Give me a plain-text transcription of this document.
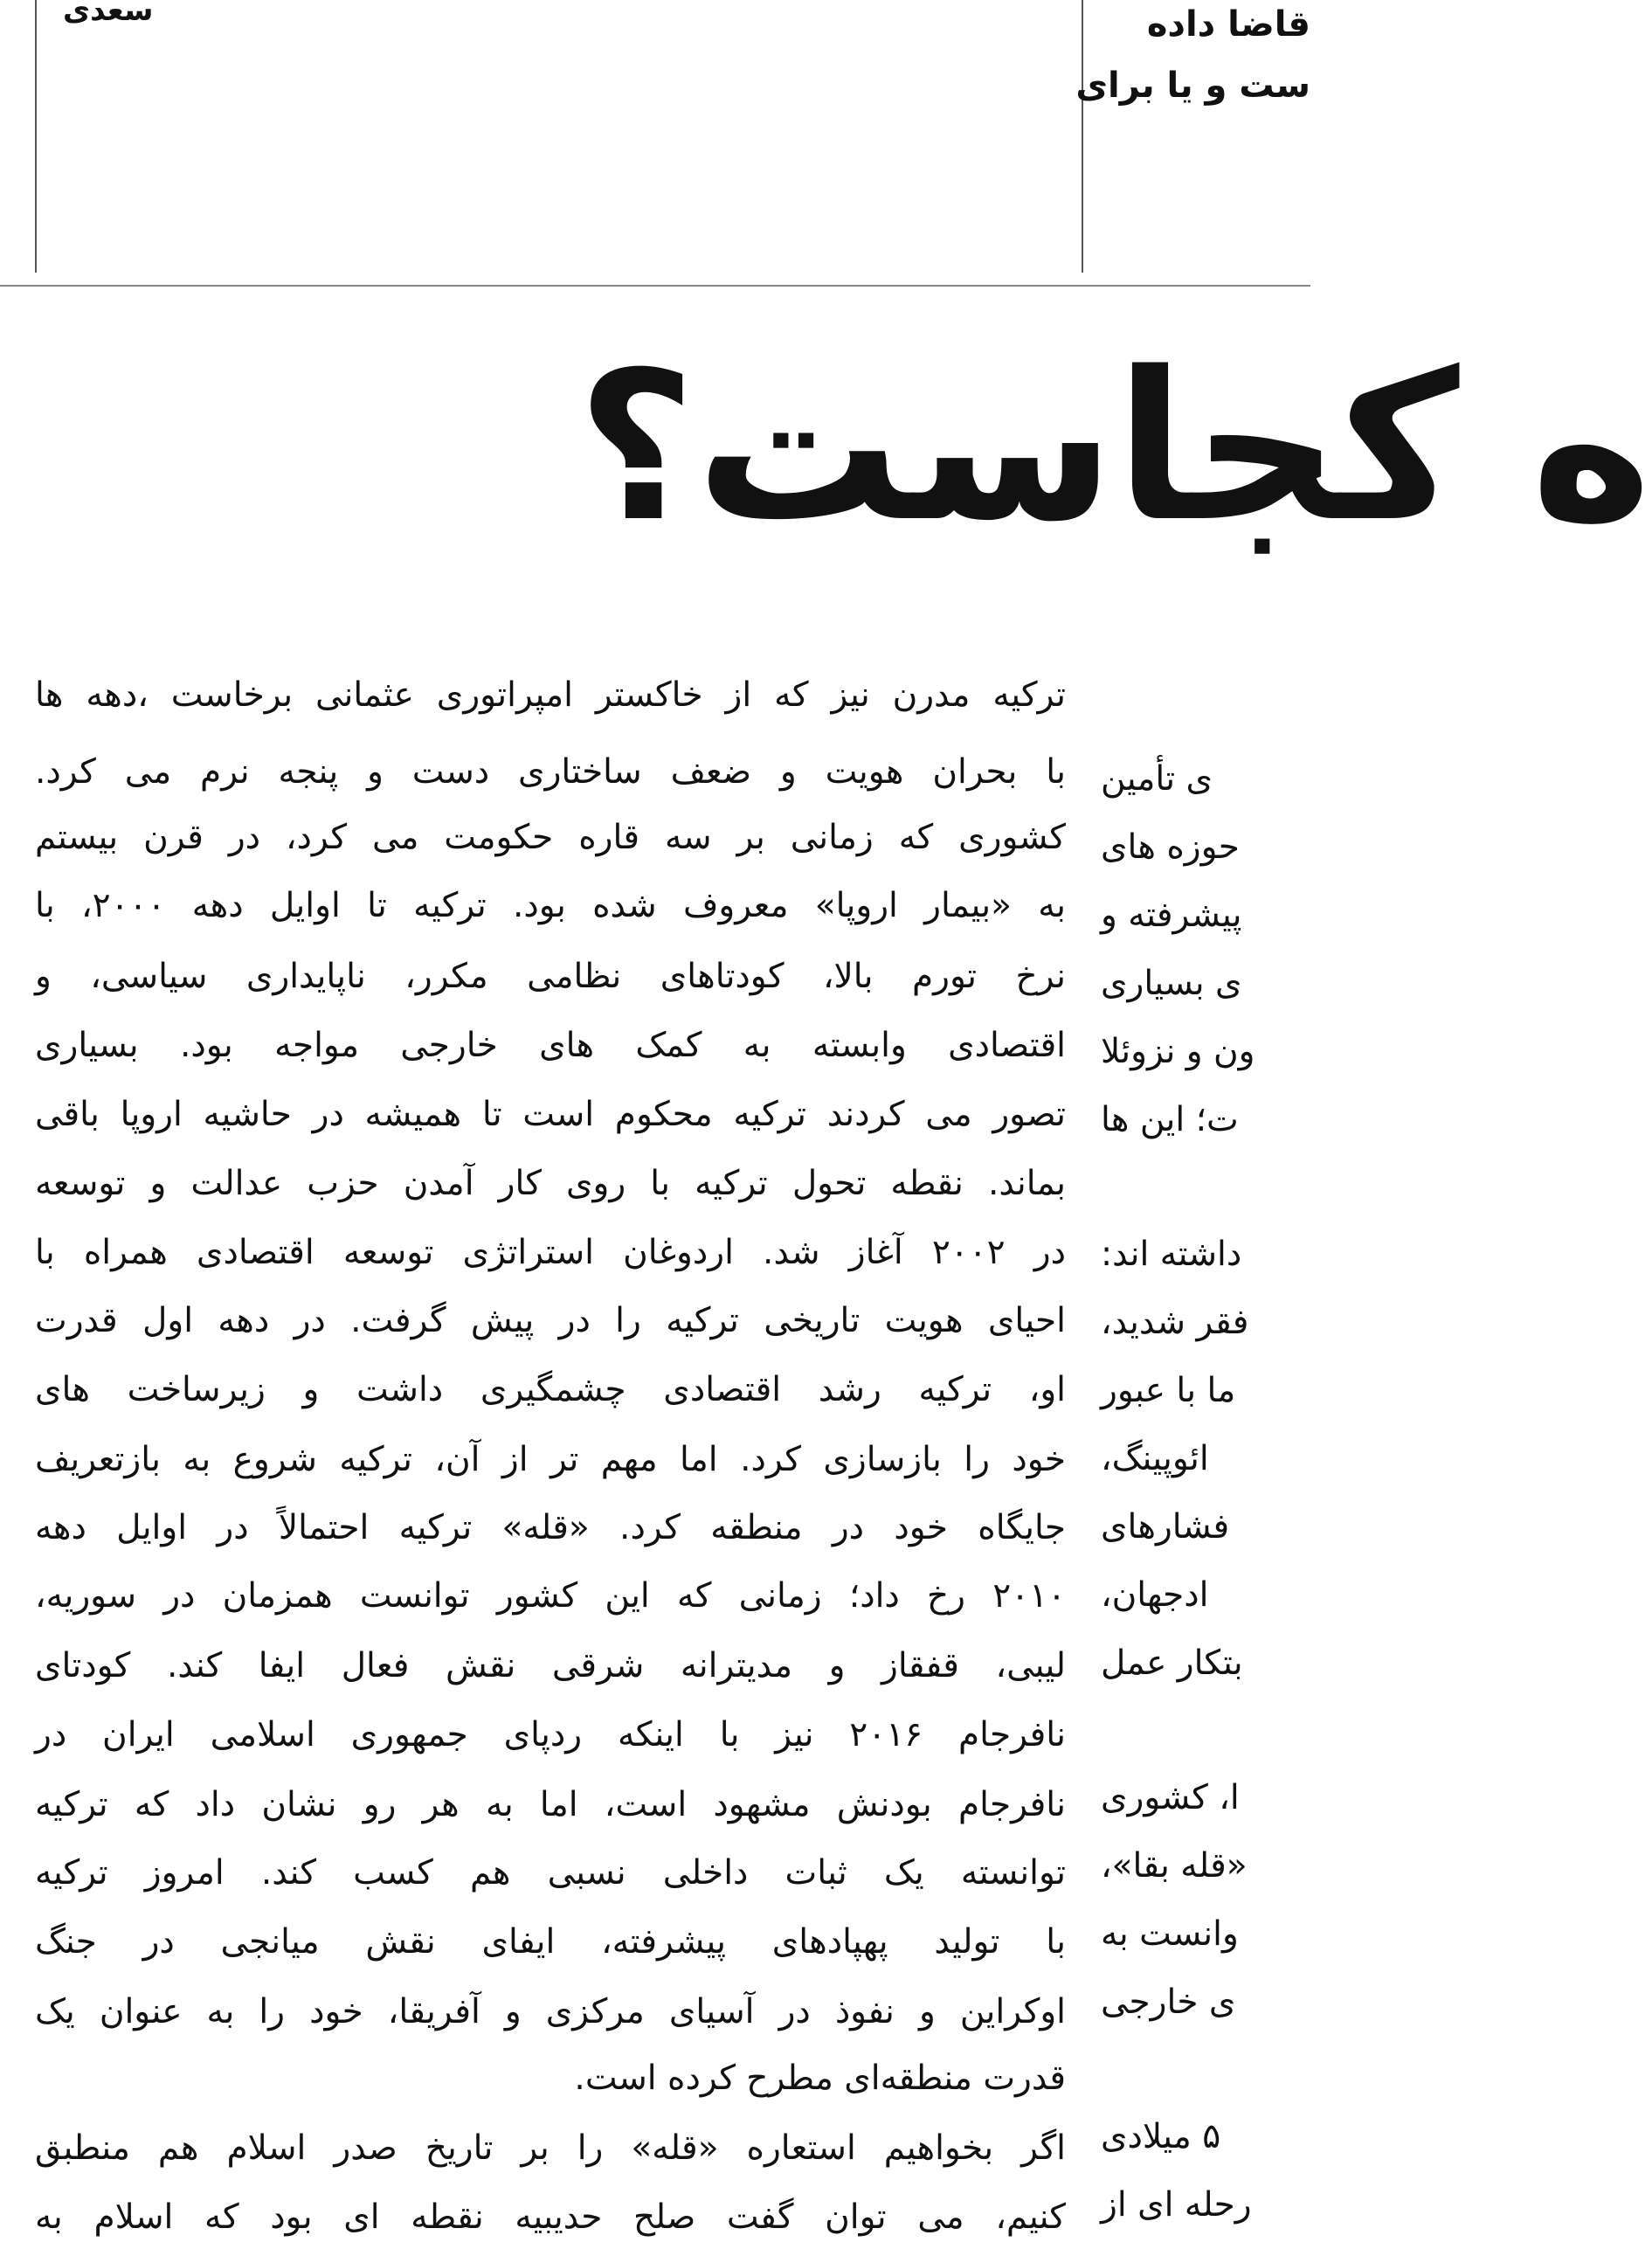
سعدی	قاضا داده
ست و یا برای
ه کجاست؟
ترکیه مدرن نیز که از خاکستر امپراتوری عثمانی برخاست ،دهه ها
با بحران هویت و ضعف ساختاری دست و پنجه نرم می کرد.
کشوری که زمانی بر سه قاره حکومت می کرد، در قرن بیستم
به «بیمار اروپا» معروف شده بود. ترکیه تا اوایل دهه ۲۰۰۰، با
نرخ تورم بالا، کودتاهای نظامی مکرر، ناپایداری سیاسی، و
اقتصادی وابسته به کمک های خارجی مواجه بود. بسیاری
تصور می کردند ترکیه محکوم است تا همیشه در حاشیه اروپا باقی
بماند. نقطه تحول ترکیه با روی کار آمدن حزب عدالت و توسعه
در ۲۰۰۲ آغاز شد. اردوغان استراتژی توسعه اقتصادی همراه با
احیای هویت تاریخی ترکیه را در پیش گرفت. در دهه اول قدرت
او، ترکیه رشد اقتصادی چشمگیری داشت و زیرساخت های
خود را بازسازی کرد. اما مهم تر از آن، ترکیه شروع به بازتعریف
جایگاه خود در منطقه کرد. «قله» ترکیه احتمالاً در اوایل دهه
۲۰۱۰ رخ داد؛ زمانی که این کشور توانست همزمان در سوریه،
لیبی، قفقاز و مدیترانه شرقی نقش فعال ایفا کند. کودتای
نافرجام ۲۰۱۶ نیز با اینکه ردپای جمهوری اسلامی ایران در
نافرجام بودنش مشهود است، اما به هر رو نشان داد که ترکیه
توانسته یک ثبات داخلی نسبی هم کسب کند. امروز ترکیه
با تولید پهپادهای پیشرفته، ایفای نقش میانجی در جنگ
اوکراین و نفوذ در آسیای مرکزی و آفریقا، خود را به عنوان یک
قدرت منطقه‌ای مطرح کرده است.
اگر بخواهیم استعاره «قله» را بر تاریخ صدر اسلام هم منطبق
کنیم، می توان گفت صلح حدیبیه نقطه ای بود که اسلام به
ی تأمین
حوزه های
پیشرفته و
ی بسیاری
ون و نزوئلا
ت؛ این ها
داشته اند:
فقر شدید،
ما با عبور
ائوپینگ،
فشارهای
ادجهان،
بتکار عمل
ا، کشوری
«قله بقا»،
وانست به
ی خارجی
۵ میلادی
رحله ای از
